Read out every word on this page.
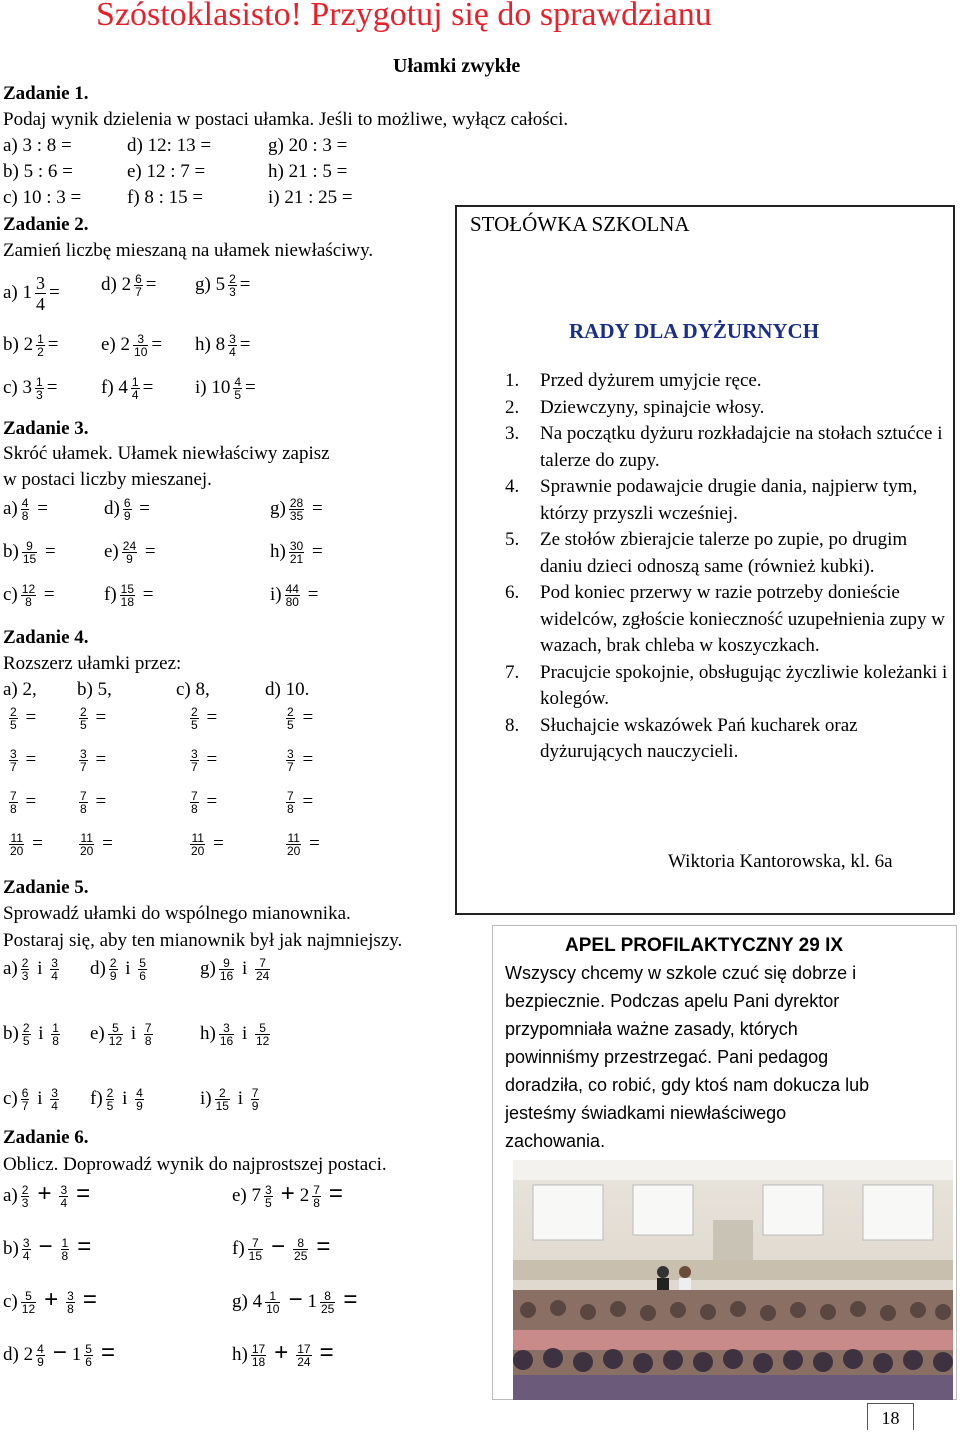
Szóstoklasisto! Przygotuj się do sprawdzianu
Ułamki zwykłe
Zadanie 1.
Podaj wynik dzielenia w postaci ułamka. Jeśli to możliwe, wyłącz całości.
a) 3 : 8 =	d) 12: 13 =	g) 20 : 3 =
b) 5 : 6 =	e) 12 : 7 =	h) 21 : 5 =
c) 10 : 3 = f) 8 : 15 =	i) 21 : 25 =
Zadanie 2.
Zamień liczbę mieszaną na ułamek niewłaściwy.
a) $1 \frac{3}{4} = d$) $2 \frac{6}{7} = g$) $5 \frac{2}{3}$ =
b) $2 \frac{1}{2} = e$) $2 \frac{3}{10} = h$) $8 \frac{3}{4}$ =
c) $3 \frac{1}{3} = f$) $4 \frac{1}{4} = i$) $10 \frac{4}{5}$ =
Zadanie 3.
Skróć ułamek. Ułamek niewłaściwy zapisz
w postaci liczby mieszanej.
$a) \frac{4}{8}$ =	$d) \frac{6}{9}$ =	$g) \frac{28}{35}$ =
$b) \frac{9}{15}$ =	$e) \frac{24}{9}$ =	$h) \frac{30}{21}$ =
$c) \frac{12}{8}$ =	$f) \frac{15}{18}$ =	$i) \frac{44}{80}$ =
Zadanie 4.
Rozszerz ułamki przez:
a) 2, b) 5,	c) 8,	d) 10.
$\frac{2}{5}$ =	$\frac{2}{5}$ =	$\frac{2}{5}$ =	$\frac{2}{5}$ =
$\frac{3}{7}$ =	$\frac{3}{7}$ =	$\frac{3}{7}$ =	$\frac{3}{7}$ =
$\frac{7}{8}$ =	$\frac{7}{8}$ =	$\frac{7}{8}$ =	$\frac{7}{8}$ =
$\frac{11}{20}$ =	$\frac{11}{20}$ =	$\frac{11}{20}$ =	$\frac{11}{20}$ =
Zadanie 5.
Sprowadź ułamki do wspólnego mianownika.
Postaraj się, aby ten mianownik był jak najmniejszy.
$a) \frac{2}{3}$ i $\frac{3}{4} d) \frac{2}{9}$ i $\frac{5}{6}$	$g) \frac{9}{16}$ i $\frac{7}{24}$
$b) \frac{2}{5}$ i $\frac{1}{8} e) \frac{5}{12}$ i $\frac{7}{8} h) \frac{3}{16}$ i $\frac{5}{12}$
$c) \frac{6}{7}$ i $\frac{3}{4} f) \frac{2}{5}$ i $\frac{4}{9}$	$i) \frac{2}{15}$ i $\frac{7}{9}$
Zadanie 6.
Oblicz. Doprowadź wynik do najprostszej postaci.
$a) \frac{2}{3} + \frac{3}{4}$ =	e) $7 \frac{3}{5} + 2 \frac{7}{8}$ =
$b) \frac{3}{4} - \frac{1}{8}$ =	$f) \frac{7}{15} - \frac{8}{25}$ =
$c) \frac{5}{12} + \frac{3}{8}$ =	g) $4 \frac{1}{10} - 1 \frac{8}{25}$ =
d) $2 \frac{4}{9} - 1 \frac{5}{6}$ =	$h) \frac{17}{18} + \frac{17}{24}$ =
STOŁÓWKA SZKOLNA
RADY DLA DYŻURNYCH
1. Przed dyżurem umyjcie ręce.
2. Dziewczyny, spinajcie włosy.
3. Na początku dyżuru rozkładajcie na stołach sztućce i talerze do zupy.
4. Sprawnie podawajcie drugie dania, najpierw tym, którzy przyszli wcześniej.
5. Ze stołów zbierajcie talerze po zupie, po drugim daniu dzieci odnoszą same (również kubki).
6. Pod koniec przerwy w razie potrzeby donieście widelców, zgłoście konieczność uzupełnienia zupy w wazach, brak chleba w koszyczkach.
7. Pracujcie spokojnie, obsługując życzliwie koleżanki i kolegów.
8. Słuchajcie wskazówek Pań kucharek oraz dyżurujących nauczycieli.
Wiktoria Kantorowska, kl. 6a
APEL PROFILAKTYCZNY 29 IX
Wszyscy chcemy w szkole czuć się dobrze i
bezpiecznie. Podczas apelu Pani dyrektor
przypomniała ważne zasady, których
powinniśmy przestrzegać. Pani pedagog
doradziła, co robić, gdy ktoś nam dokucza lub
jesteśmy świadkami niewłaściwego
zachowania.
18
